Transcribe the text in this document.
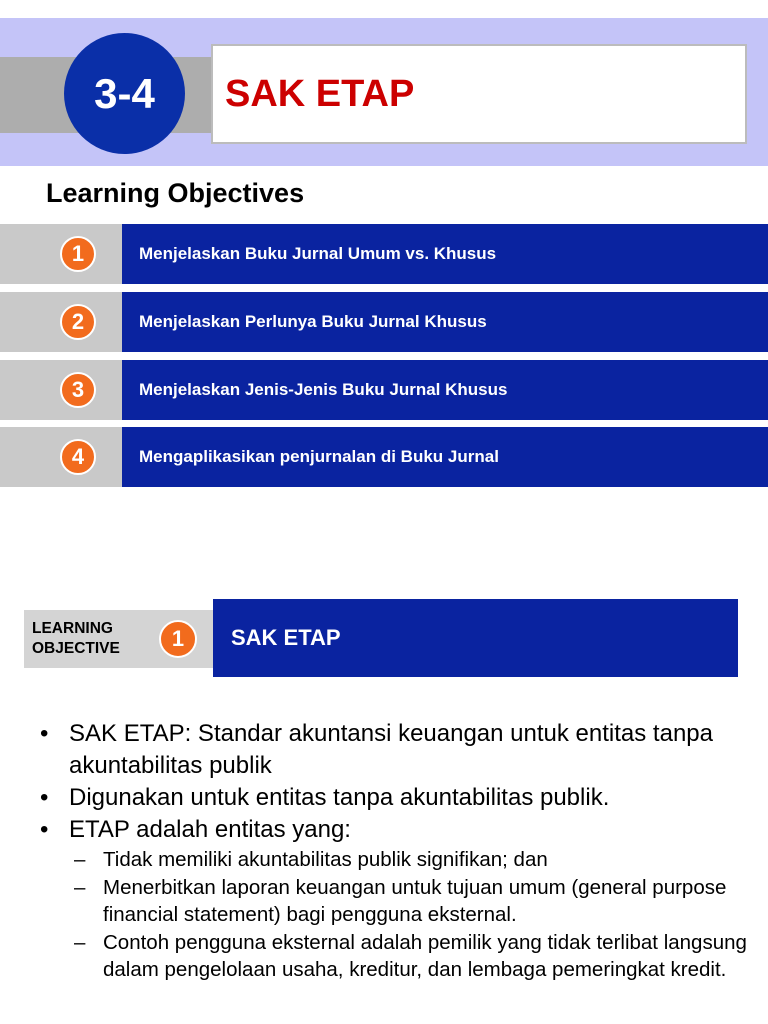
3-4	SAK ETAP
Learning Objectives
1	Menjelaskan Buku Jurnal Umum vs. Khusus
2	Menjelaskan Perlunya Buku Jurnal Khusus
3	Menjelaskan Jenis-Jenis Buku Jurnal Khusus
4	Mengaplikasikan penjurnalan di Buku Jurnal
LEARNING
OBJECTIVE	1	SAK ETAP
• SAK ETAP: Standar akuntansi keuangan untuk entitas tanpa akuntabilitas publik
• Digunakan untuk entitas tanpa akuntabilitas publik.
• ETAP adalah entitas yang:
– Tidak memiliki akuntabilitas publik signifikan; dan
– Menerbitkan laporan keuangan untuk tujuan umum (general purpose financial statement) bagi pengguna eksternal.
– Contoh pengguna eksternal adalah pemilik yang tidak terlibat langsung dalam pengelolaan usaha, kreditur, dan lembaga pemeringkat kredit.
